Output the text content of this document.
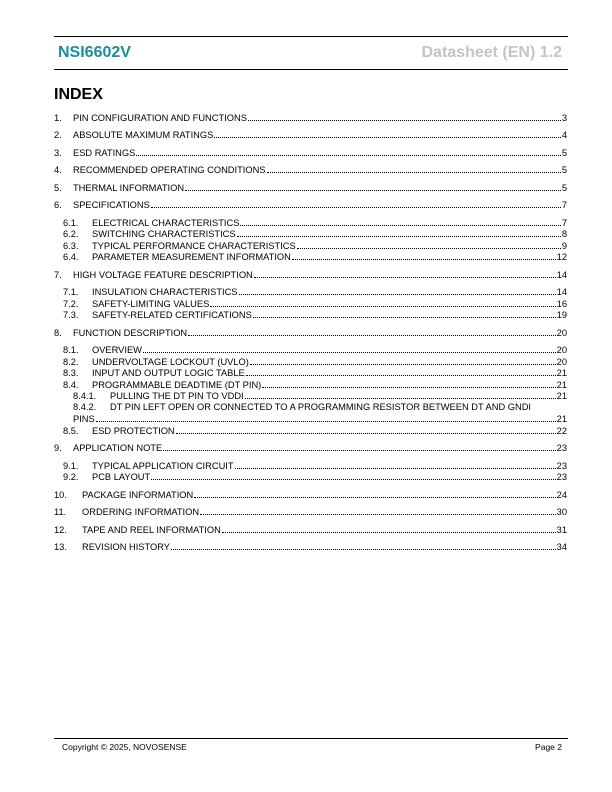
NSI6602V	Datasheet (EN) 1.2
INDEX
1.	PIN CONFIGURATION AND FUNCTIONS	3
2.	ABSOLUTE MAXIMUM RATINGS	4
3.	ESD RATINGS	5
4.	RECOMMENDED OPERATING CONDITIONS	5
5.	THERMAL INFORMATION	5
6.	SPECIFICATIONS	7
6.1.	ELECTRICAL CHARACTERISTICS	7
6.2.	SWITCHING CHARACTERISTICS	8
6.3.	TYPICAL PERFORMANCE CHARACTERISTICS	9
6.4.	PARAMETER MEASUREMENT INFORMATION	12
7.	HIGH VOLTAGE FEATURE DESCRIPTION	14
7.1.	INSULATION CHARACTERISTICS	14
7.2.	SAFETY-LIMITING VALUES	16
7.3.	SAFETY-RELATED CERTIFICATIONS	19
8.	FUNCTION DESCRIPTION	20
8.1.	OVERVIEW	20
8.2.	UNDERVOLTAGE LOCKOUT (UVLO)	20
8.3.	INPUT AND OUTPUT LOGIC TABLE	21
8.4.	PROGRAMMABLE DEADTIME (DT PIN)	21
8.4.1.	PULLING THE DT PIN TO VDDI	21
8.4.2. DT PIN LEFT OPEN OR CONNECTED TO A PROGRAMMING RESISTOR BETWEEN DT AND GNDI
PINS	21
8.5.	ESD PROTECTION	22
9.	APPLICATION NOTE	23
9.1.	TYPICAL APPLICATION CIRCUIT	23
9.2.	PCB LAYOUT	23
10.	PACKAGE INFORMATION	24
11.	ORDERING INFORMATION	30
12.	TAPE AND REEL INFORMATION	31
13.	REVISION HISTORY	34
Copyright © 2025, NOVOSENSE	Page 2
